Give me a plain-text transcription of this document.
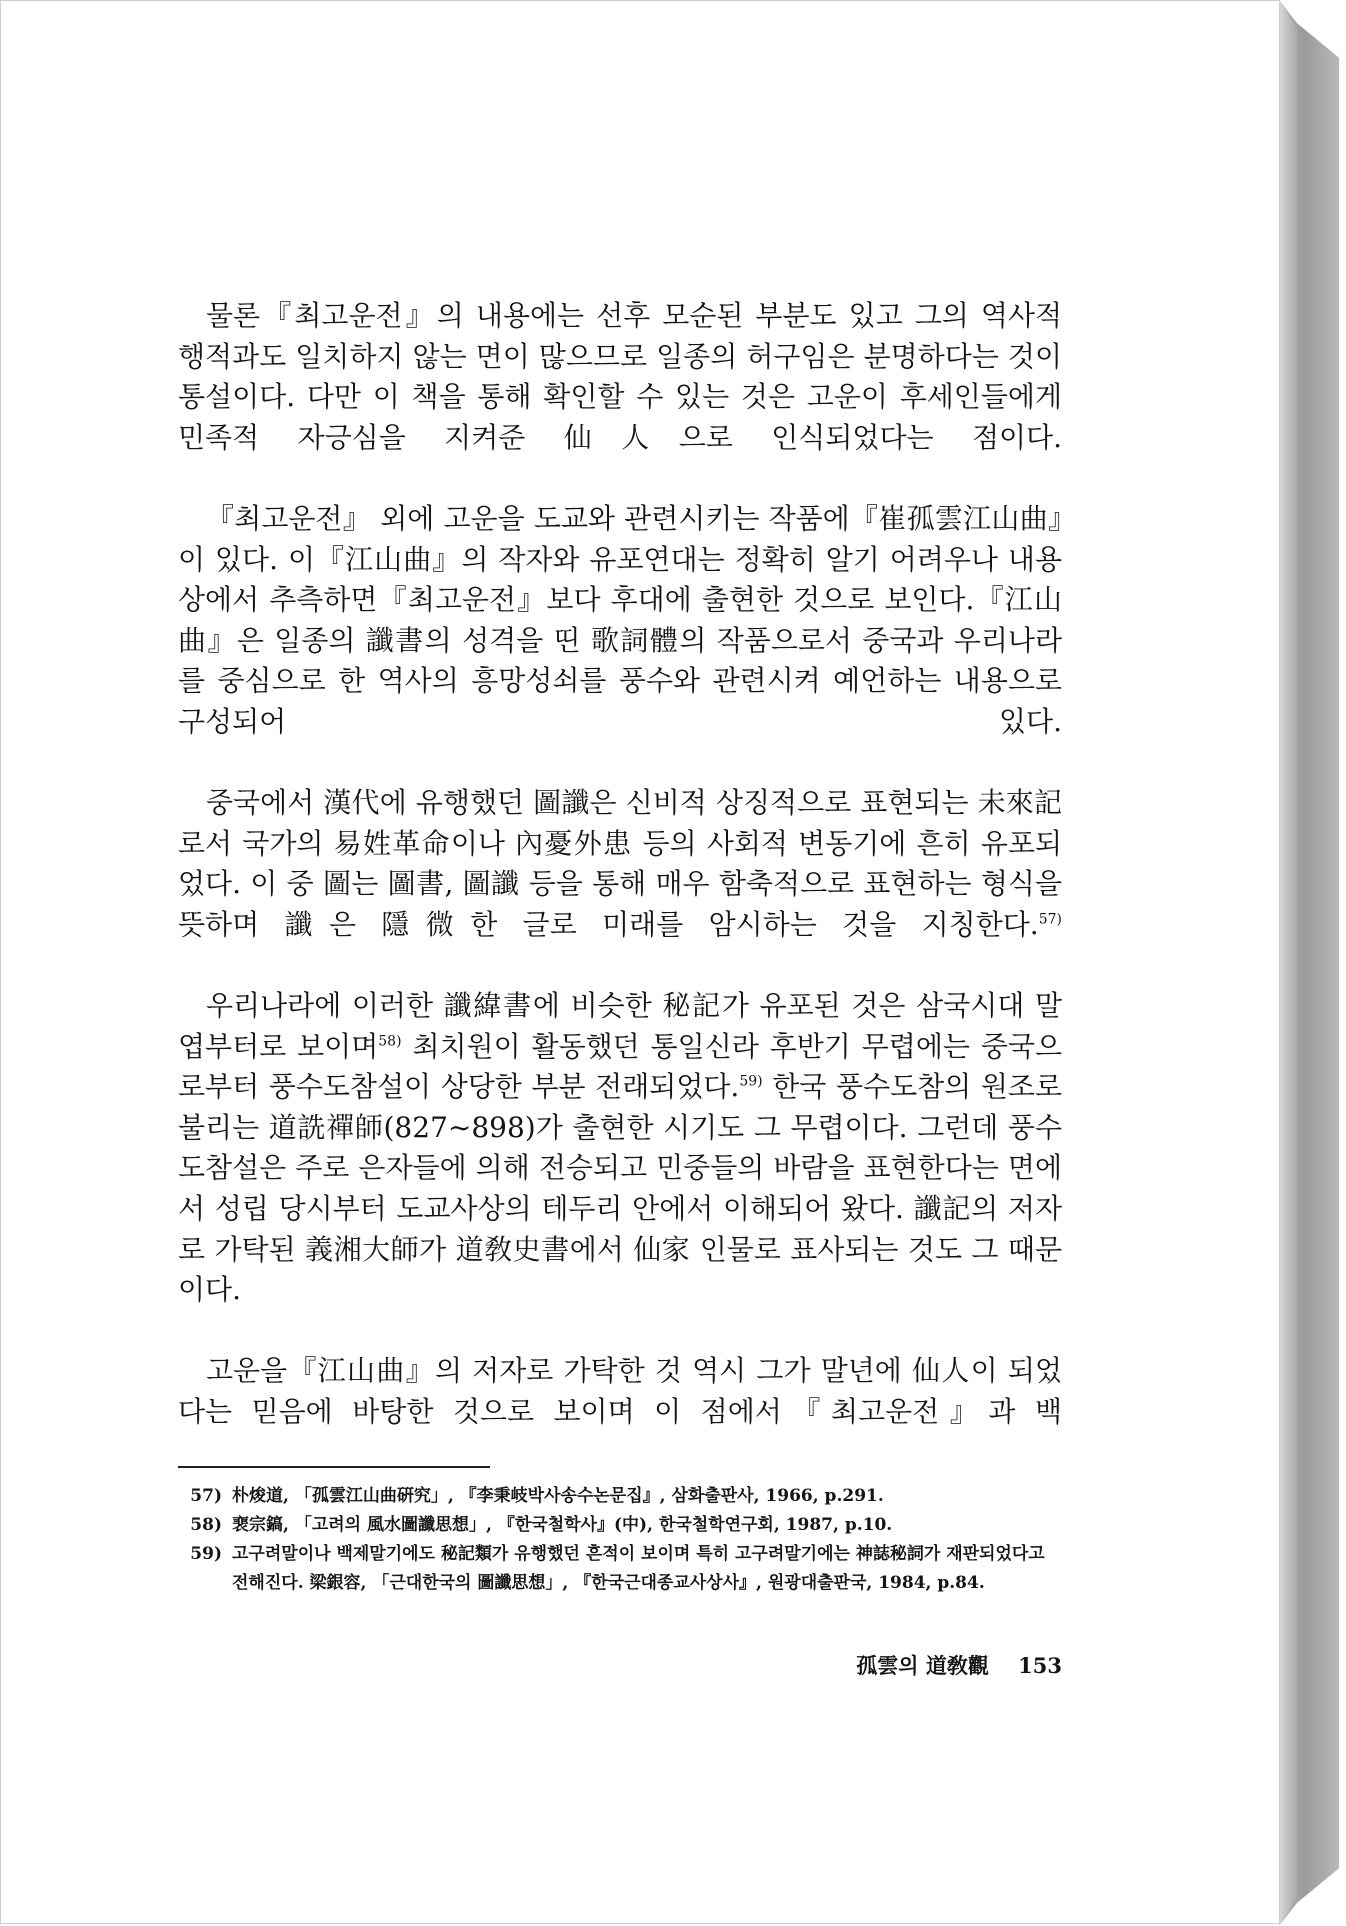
물론『최고운전』의 내용에는 선후 모순된 부분도 있고 그의 역사적 행적과도 일치하지 않는 면이 많으므로 일종의 허구임은 분명하다는 것이 통설이다. 다만 이 책을 통해 확인할 수 있는 것은 고운이 후세인들에게 민족적 자긍심을 지켜준 仙人으로 인식되었다는 점이다.

『최고운전』 외에 고운을 도교와 관련시키는 작품에『崔孤雲江山曲』이 있다. 이『江山曲』의 작자와 유포연대는 정확히 알기 어려우나 내용상에서 추측하면『최고운전』보다 후대에 출현한 것으로 보인다.『江山曲』은 일종의 讖書의 성격을 띤 歌詞體의 작품으로서 중국과 우리나라를 중심으로 한 역사의 흥망성쇠를 풍수와 관련시켜 예언하는 내용으로 구성되어 있다.

중국에서 漢代에 유행했던 圖讖은 신비적 상징적으로 표현되는 未來記로서 국가의 易姓革命이나 內憂外患 등의 사회적 변동기에 흔히 유포되었다. 이 중 圖는 圖書, 圖讖 등을 통해 매우 함축적으로 표현하는 형식을 뜻하며 讖은 隱微한 글로 미래를 암시하는 것을 지칭한다.$^{57)}$

우리나라에 이러한 讖緯書에 비슷한 秘記가 유포된 것은 삼국시대 말엽부터로 보이며$^{58)}$ 최치원이 활동했던 통일신라 후반기 무렵에는 중국으로부터 풍수도참설이 상당한 부분 전래되었다.$^{59)}$ 한국 풍수도참의 원조로 불리는 道詵禪師(827∼898)가 출현한 시기도 그 무렵이다. 그런데 풍수도참설은 주로 은자들에 의해 전승되고 민중들의 바람을 표현한다는 면에서 성립 당시부터 도교사상의 테두리 안에서 이해되어 왔다. 讖記의 저자로 가탁된 義湘大師가 道敎史書에서 仙家 인물로 표사되는 것도 그 때문이다.

고운을『江山曲』의 저자로 가탁한 것 역시 그가 말년에 仙人이 되었다는 믿음에 바탕한 것으로 보이며 이 점에서『최고운전』과 백

57) 朴焌道, 「孤雲江山曲硏究」, 『李秉岐박사송수논문집』, 삼화출판사, 1966, p.291.
58) 裵宗鎬, 「고려의 風水圖讖思想」, 『한국철학사』(中), 한국철학연구회, 1987, p.10.
59) 고구려말이나 백제말기에도 秘記類가 유행했던 흔적이 보이며 특히 고구려말기에는 神誌秘詞가 재판되었다고 전해진다. 梁銀容, 「근대한국의 圖讖思想」, 『한국근대종교사상사』, 원광대출판국, 1984, p.84.
孤雲의 道敎觀 153
